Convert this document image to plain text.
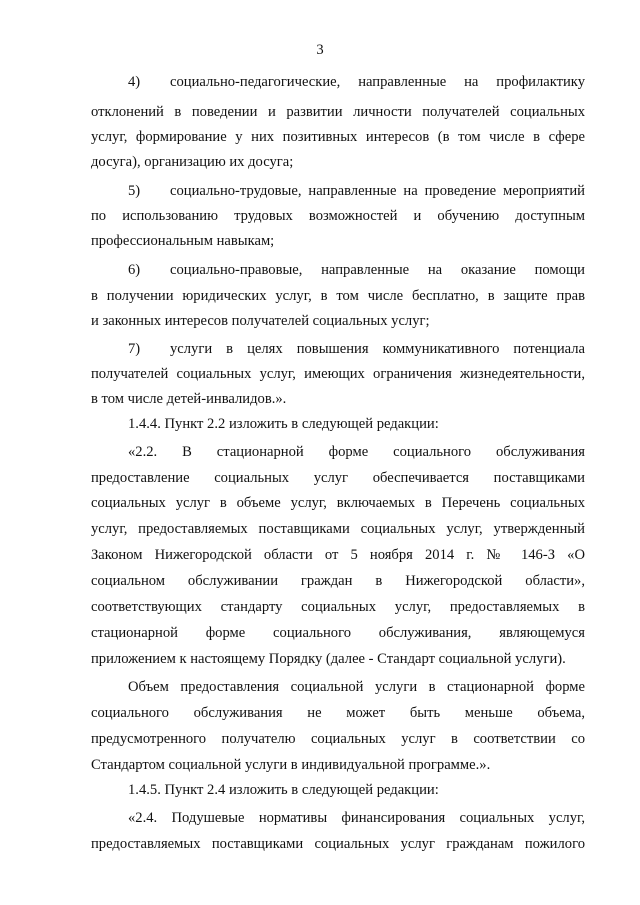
3
4) социально-педагогические, направленные на профилактику
отклонений в поведении и развитии личности получателей социальных
услуг, формирование у них позитивных интересов (в том числе в сфере
досуга), организацию их досуга;
5) социально-трудовые, направленные на проведение мероприятий
по использованию трудовых возможностей и обучению доступным
профессиональным навыкам;
6) социально-правовые, направленные на оказание помощи
в получении юридических услуг, в том числе бесплатно, в защите прав
и законных интересов получателей социальных услуг;
7) услуги в целях повышения коммуникативного потенциала
получателей социальных услуг, имеющих ограничения жизнедеятельности,
в том числе детей-инвалидов.».
1.4.4. Пункт 2.2 изложить в следующей редакции:
«2.2. В стационарной форме социального обслуживания
предоставление социальных услуг обеспечивается поставщиками
социальных услуг в объеме услуг, включаемых в Перечень социальных
услуг, предоставляемых поставщиками социальных услуг, утвержденный
Законом Нижегородской области от 5 ноября 2014 г. № 146-З «О
социальном обслуживании граждан в Нижегородской области»,
соответствующих стандарту социальных услуг, предоставляемых в
стационарной форме социального обслуживания, являющемуся
приложением к настоящему Порядку (далее - Стандарт социальной услуги).
Объем предоставления социальной услуги в стационарной форме
социального обслуживания не может быть меньше объема,
предусмотренного получателю социальных услуг в соответствии со
Стандартом социальной услуги в индивидуальной программе.».
1.4.5. Пункт 2.4 изложить в следующей редакции:
«2.4. Подушевые нормативы финансирования социальных услуг,
предоставляемых поставщиками социальных услуг гражданам пожилого
